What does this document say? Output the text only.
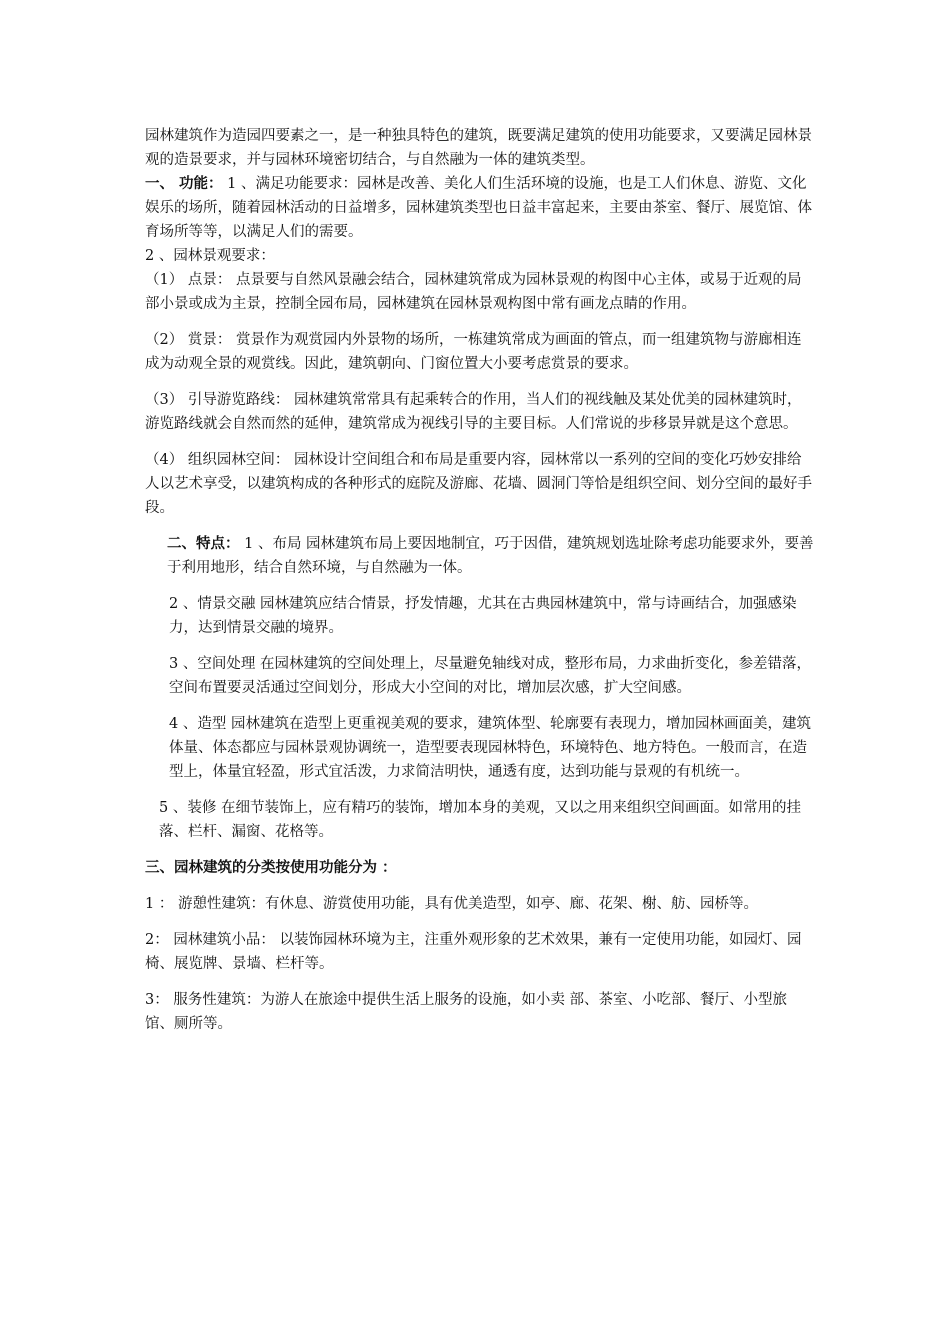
园林建筑作为造园四要素之一，是一种独具特色的建筑，既要满足建筑的使用功能要求，又要满足园林景观的造景要求，并与园林环境密切结合，与自然融为一体的建筑类型。

一、 功能： 1 、满足功能要求：园林是改善、美化人们生活环境的设施，也是工人们休息、游览、文化娱乐的场所，随着园林活动的日益增多，园林建筑类型也日益丰富起来，主要由茶室、餐厅、展览馆、体育场所等等，以满足人们的需要。

2 、园林景观要求：

（1） 点景： 点景要与自然风景融会结合，园林建筑常成为园林景观的构图中心主体，或易于近观的局部小景或成为主景，控制全园布局，园林建筑在园林景观构图中常有画龙点睛的作用。

（2） 赏景： 赏景作为观赏园内外景物的场所，一栋建筑常成为画面的管点，而一组建筑物与游廊相连成为动观全景的观赏线。因此，建筑朝向、门窗位置大小要考虑赏景的要求。

（3） 引导游览路线： 园林建筑常常具有起乘转合的作用，当人们的视线触及某处优美的园林建筑时，游览路线就会自然而然的延伸，建筑常成为视线引导的主要目标。人们常说的步移景异就是这个意思。

（4） 组织园林空间： 园林设计空间组合和布局是重要内容，园林常以一系列的空间的变化巧妙安排给人以艺术享受，以建筑构成的各种形式的庭院及游廊、花墙、圆洞门等恰是组织空间、划分空间的最好手段。

二、特点： 1 、布局 园林建筑布局上要因地制宜，巧于因借，建筑规划选址除考虑功能要求外，要善于利用地形，结合自然环境，与自然融为一体。

2 、情景交融 园林建筑应结合情景，抒发情趣，尤其在古典园林建筑中，常与诗画结合，加强感染力，达到情景交融的境界。

3 、空间处理 在园林建筑的空间处理上，尽量避免轴线对成，整形布局，力求曲折变化，参差错落，空间布置要灵活通过空间划分，形成大小空间的对比，增加层次感，扩大空间感。

4 、造型 园林建筑在造型上更重视美观的要求，建筑体型、轮廓要有表现力，增加园林画面美，建筑体量、体态都应与园林景观协调统一，造型要表现园林特色，环境特色、地方特色。一般而言，在造型上，体量宜轻盈，形式宜活泼，力求简洁明快，通透有度，达到功能与景观的有机统一。

5 、装修 在细节装饰上，应有精巧的装饰，增加本身的美观，又以之用来组织空间画面。如常用的挂落、栏杆、漏窗、花格等。

三、园林建筑的分类按使用功能分为 ：

1 ： 游憩性建筑：有休息、游赏使用功能，具有优美造型，如亭、廊、花架、榭、舫、园桥等。

2： 园林建筑小品： 以装饰园林环境为主，注重外观形象的艺术效果，兼有一定使用功能，如园灯、园椅、展览牌、景墙、栏杆等。

3： 服务性建筑：为游人在旅途中提供生活上服务的设施，如小卖 部、茶室、小吃部、餐厅、小型旅馆、厕所等。
